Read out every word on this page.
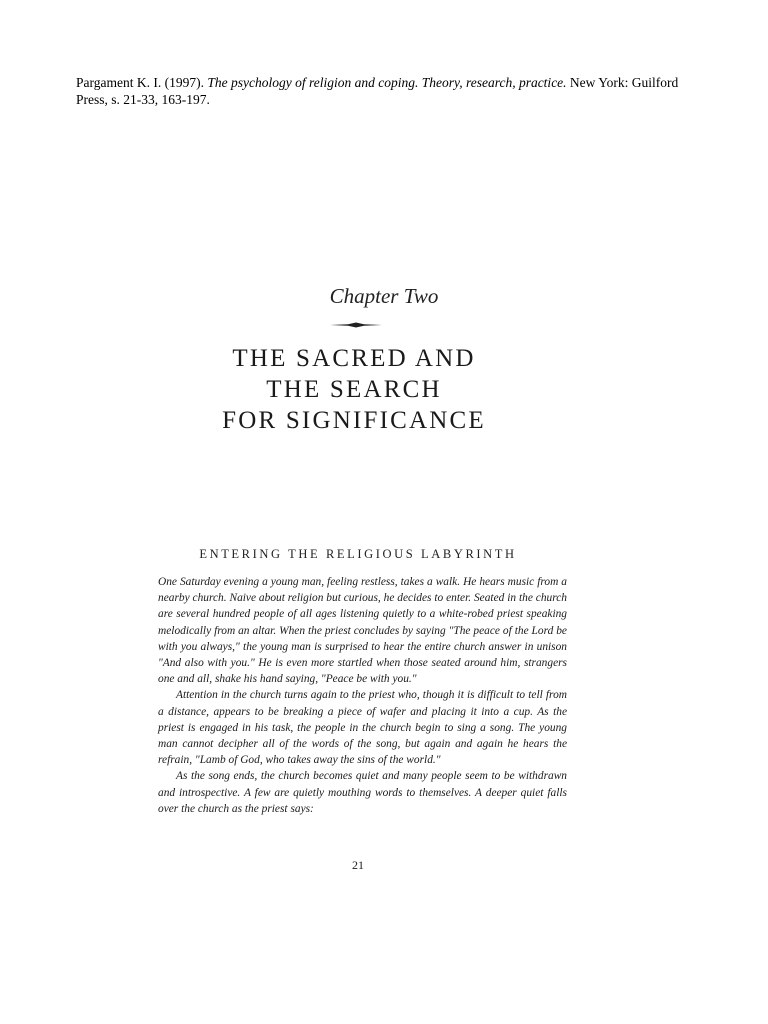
Pargament K. I. (1997). The psychology of religion and coping. Theory, research, practice. New York: Guilford Press, s. 21-33, 163-197.
Chapter Two
THE SACRED AND
THE SEARCH
FOR SIGNIFICANCE
ENTERING THE RELIGIOUS LABYRINTH

One Saturday evening a young man, feeling restless, takes a walk. He hears music from a nearby church. Naive about religion but curious, he decides to enter. Seated in the church are several hundred people of all ages listening quietly to a white-robed priest speaking melodically from an altar. When the priest concludes by saying "The peace of the Lord be with you always," the young man is surprised to hear the entire church answer in unison "And also with you." He is even more startled when those seated around him, strangers one and all, shake his hand saying, "Peace be with you."

Attention in the church turns again to the priest who, though it is difficult to tell from a distance, appears to be breaking a piece of wafer and placing it into a cup. As the priest is engaged in his task, the people in the church begin to sing a song. The young man cannot decipher all of the words of the song, but again and again he hears the refrain, "Lamb of God, who takes away the sins of the world."

As the song ends, the church becomes quiet and many people seem to be withdrawn and introspective. A few are quietly mouthing words to themselves. A deeper quiet falls over the church as the priest says:

21
